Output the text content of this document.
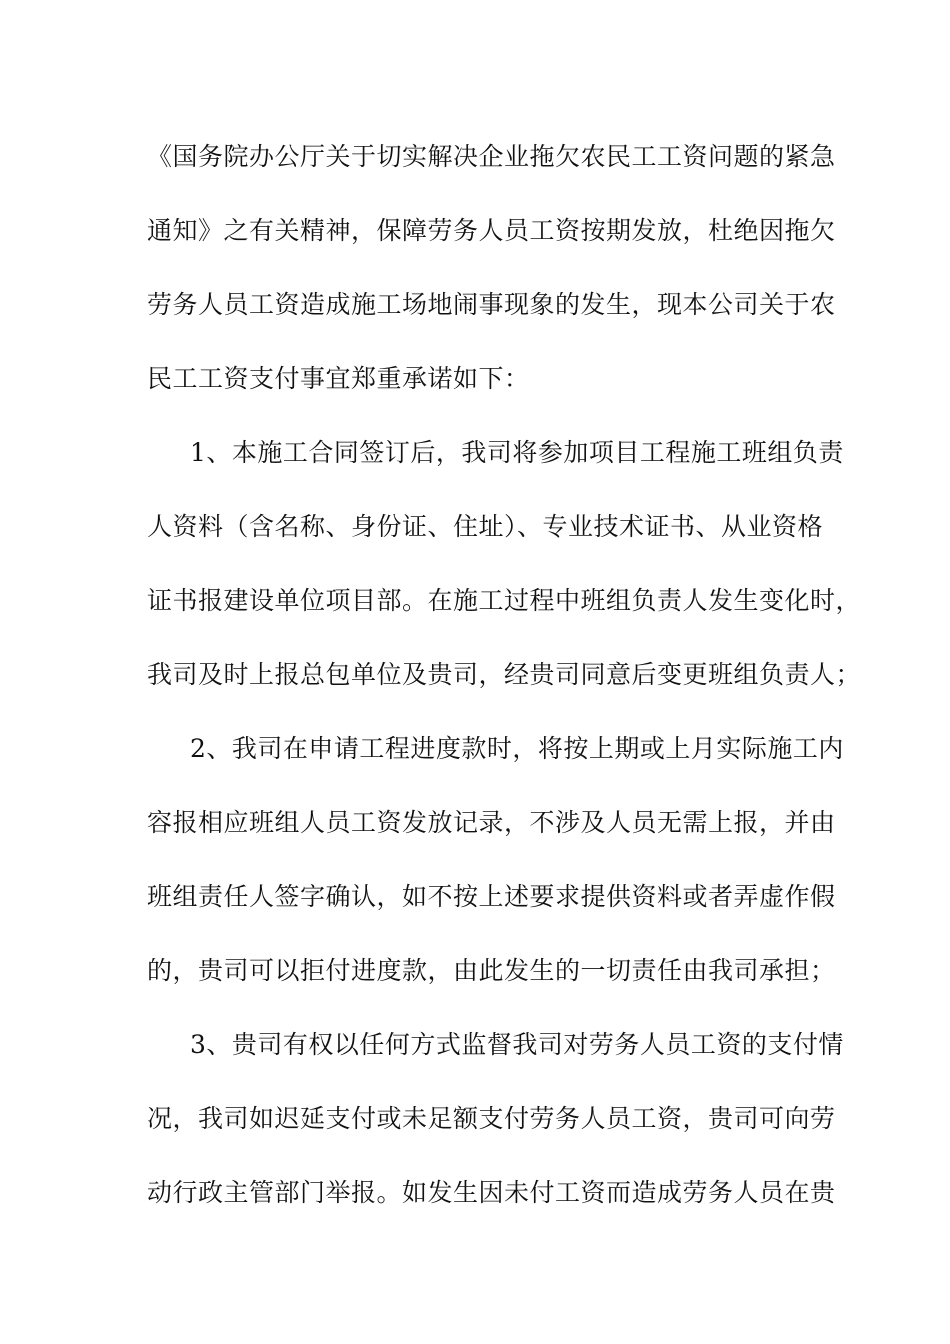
《国务院办公厅关于切实解决企业拖欠农民工工资问题的紧急
通知》之有关精神，保障劳务人员工资按期发放，杜绝因拖欠
劳务人员工资造成施工场地闹事现象的发生，现本公司关于农
民工工资支付事宜郑重承诺如下：
1、本施工合同签订后，我司将参加项目工程施工班组负责
人资料（含名称、身份证、住址）、专业技术证书、从业资格
证书报建设单位项目部。在施工过程中班组负责人发生变化时，
我司及时上报总包单位及贵司，经贵司同意后变更班组负责人；
2、我司在申请工程进度款时，将按上期或上月实际施工内
容报相应班组人员工资发放记录，不涉及人员无需上报，并由
班组责任人签字确认，如不按上述要求提供资料或者弄虚作假
的，贵司可以拒付进度款，由此发生的一切责任由我司承担；
3、贵司有权以任何方式监督我司对劳务人员工资的支付情
况，我司如迟延支付或未足额支付劳务人员工资，贵司可向劳
动行政主管部门举报。如发生因未付工资而造成劳务人员在贵
